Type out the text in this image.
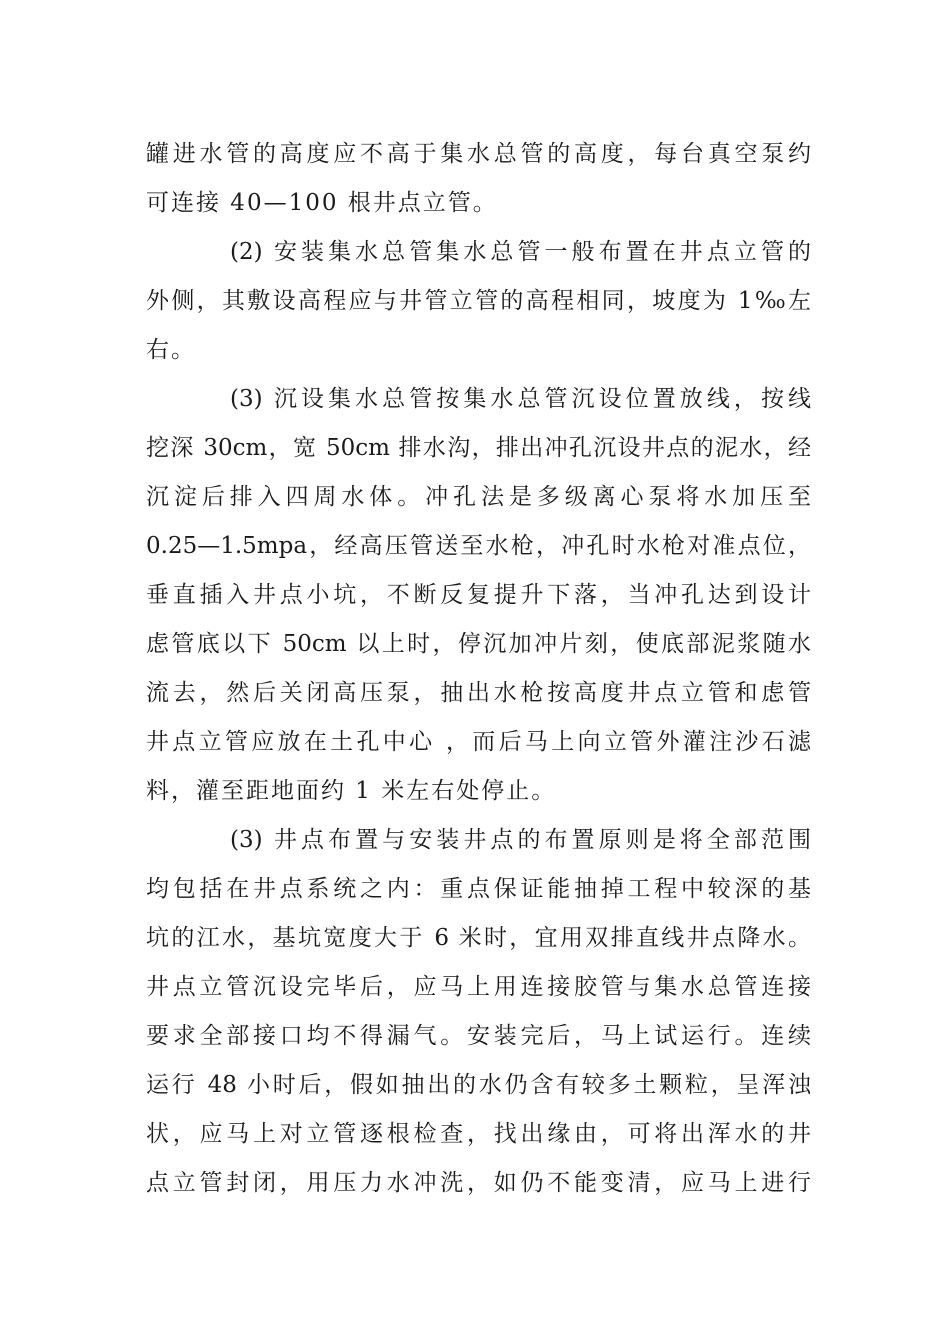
罐进水管的高度应不高于集水总管的高度，每台真空泵约
可连接 40—100 根井点立管。
(2) 安装集水总管集水总管一般布置在井点立管的
外侧，其敷设高程应与井管立管的高程相同，坡度为 1‰左
右。
(3) 沉设集水总管按集水总管沉设位置放线，按线
挖深 30cm，宽 50cm 排水沟，排出冲孔沉设井点的泥水，经
沉淀后排入四周水体。冲孔法是多级离心泵将水加压至
0.25—1.5mpa，经高压管送至水枪，冲孔时水枪对准点位，
垂直插入井点小坑，不断反复提升下落，当冲孔达到设计
虑管底以下 50cm 以上时，停沉加冲片刻，使底部泥浆随水
流去，然后关闭高压泵，抽出水枪按高度井点立管和虑管
井点立管应放在土孔中心 ，而后马上向立管外灌注沙石滤
料，灌至距地面约 1 米左右处停止。
(3) 井点布置与安装井点的布置原则是将全部范围
均包括在井点系统之内：重点保证能抽掉工程中较深的基
坑的江水，基坑宽度大于 6 米时，宜用双排直线井点降水。
井点立管沉设完毕后，应马上用连接胶管与集水总管连接
要求全部接口均不得漏气。安装完后，马上试运行。连续
运行 48 小时后，假如抽出的水仍含有较多土颗粒，呈浑浊
状，应马上对立管逐根检查，找出缘由，可将出浑水的井
点立管封闭，用压力水冲洗，如仍不能变清，应马上进行
